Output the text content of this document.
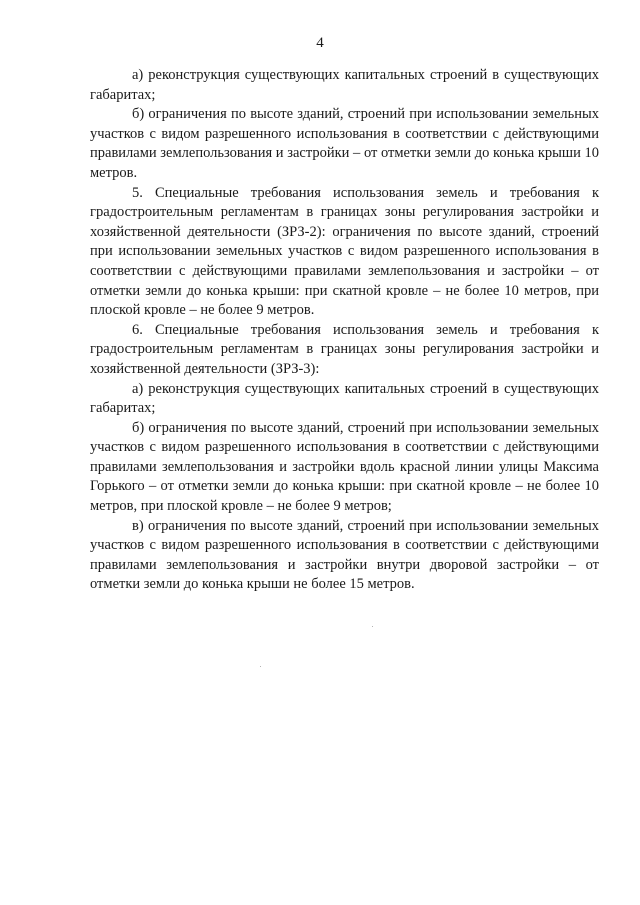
4

а) реконструкция существующих капитальных строений в существующих габаритах;

б) ограничения по высоте зданий, строений при использовании земельных участков с видом разрешенного использования в соответствии с действующими правилами землепользования и застройки – от отметки земли до конька крыши 10 метров.

5. Специальные требования использования земель и требования к градостроительным регламентам в границах зоны регулирования застройки и хозяйственной деятельности (ЗРЗ-2): ограничения по высоте зданий, строений при использовании земельных участков с видом разрешенного использования в соответствии с действующими правилами землепользования и застройки – от отметки земли до конька крыши: при скатной кровле – не более 10 метров, при плоской кровле – не более 9 метров.

6. Специальные требования использования земель и требования к градостроительным регламентам в границах зоны регулирования застройки и хозяйственной деятельности (ЗРЗ-3):

а) реконструкция существующих капитальных строений в существующих габаритах;

б) ограничения по высоте зданий, строений при использовании земельных участков с видом разрешенного использования в соответствии с действующими правилами землепользования и застройки вдоль красной линии улицы Максима Горького – от отметки земли до конька крыши: при скатной кровле – не более 10 метров, при плоской кровле – не более 9 метров;

в) ограничения по высоте зданий, строений при использовании земельных участков с видом разрешенного использования в соответствии с действующими правилами землепользования и застройки внутри дворовой застройки – от отметки земли до конька крыши не более 15 метров.
